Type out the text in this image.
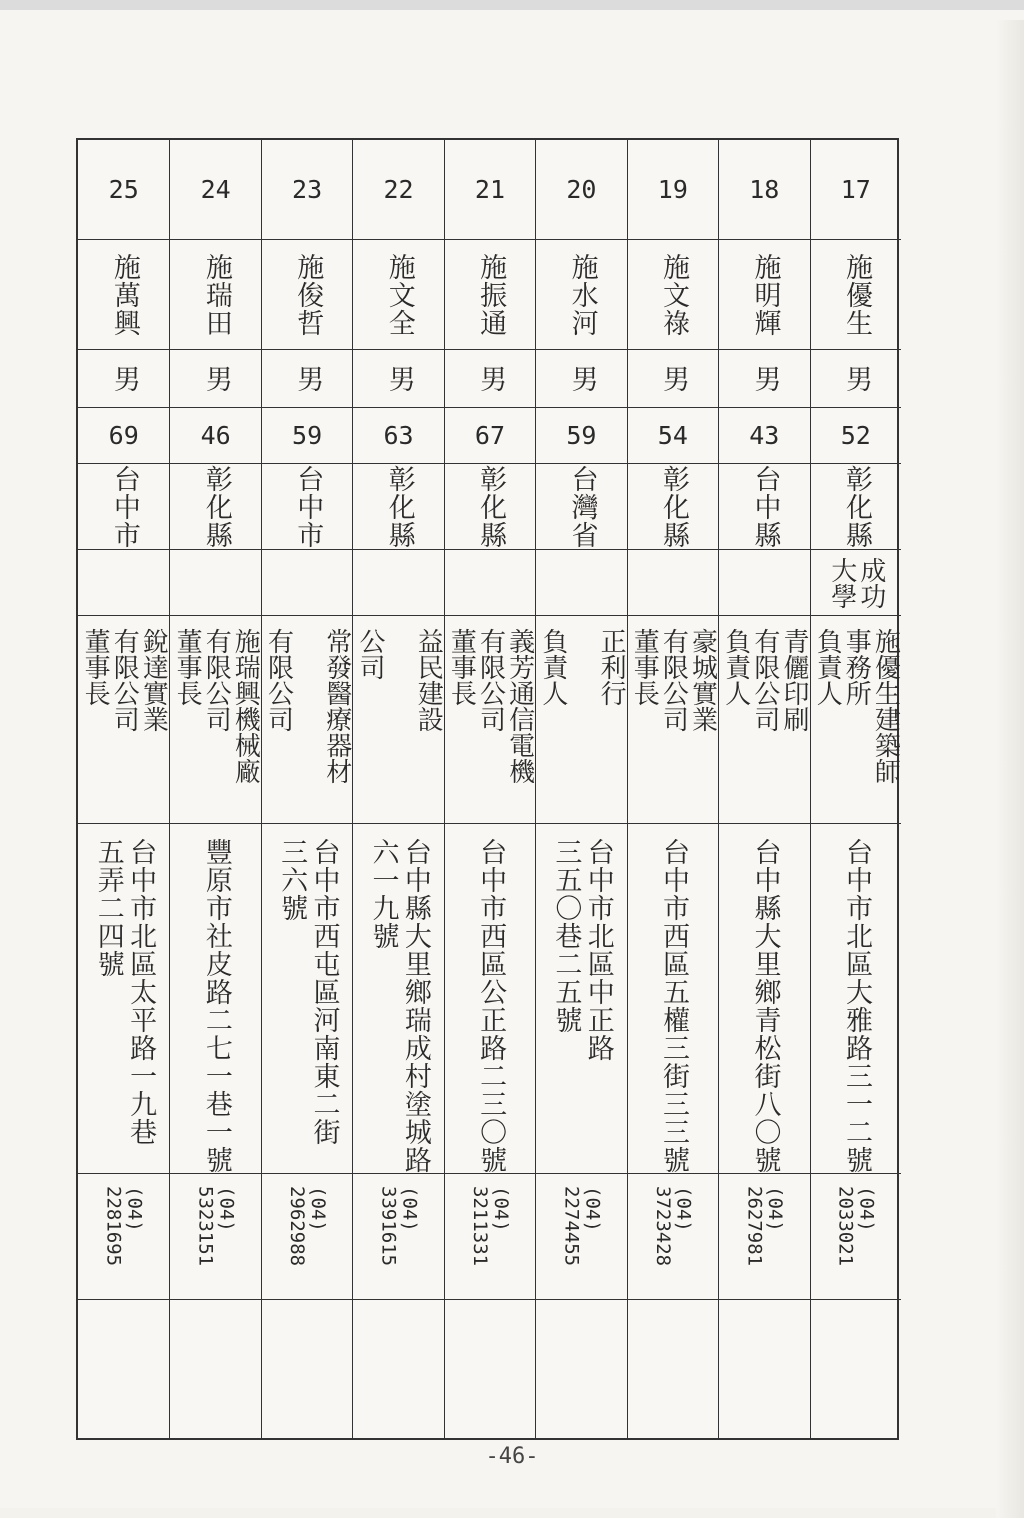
17
施優生
男
52
彰化縣
成功
大學
施優生建築師
事務所
負責人
台中市北區大雅路三一二號
(04)
2033021
18
施明輝
男
43
台中縣
青儷印刷
有限公司
負責人
台中縣大里鄉青松街八〇號
(04)
2627981
19
施文祿
男
54
彰化縣
豪城實業
有限公司
董事長
台中市西區五權三街三三號
(04)
3723428
20
施水河
男
59
台灣省
正利行

負責人
台中市北區中正路
三五〇巷二五號
(04)
2274455
21
施振通
男
67
彰化縣
義芳通信電機
有限公司
董事長
台中市西區公正路二三〇號
(04)
3211331
22
施文全
男
63
彰化縣
益民建設

公司
台中縣大里鄉瑞成村塗城路
六一九號
(04)
3391615
23
施俊哲
男
59
台中市
常發醫療器材

有限公司
台中市西屯區河南東二街
三六號
(04)
2962988
24
施瑞田
男
46
彰化縣
施瑞興機械廠
有限公司
董事長
豐原市社皮路二七一巷一號
(04)
5323151
25
施萬興
男
69
台中市
銳達實業
有限公司
董事長
台中市北區太平路一九巷
五弄二四號
(04)
2281695
-46-
